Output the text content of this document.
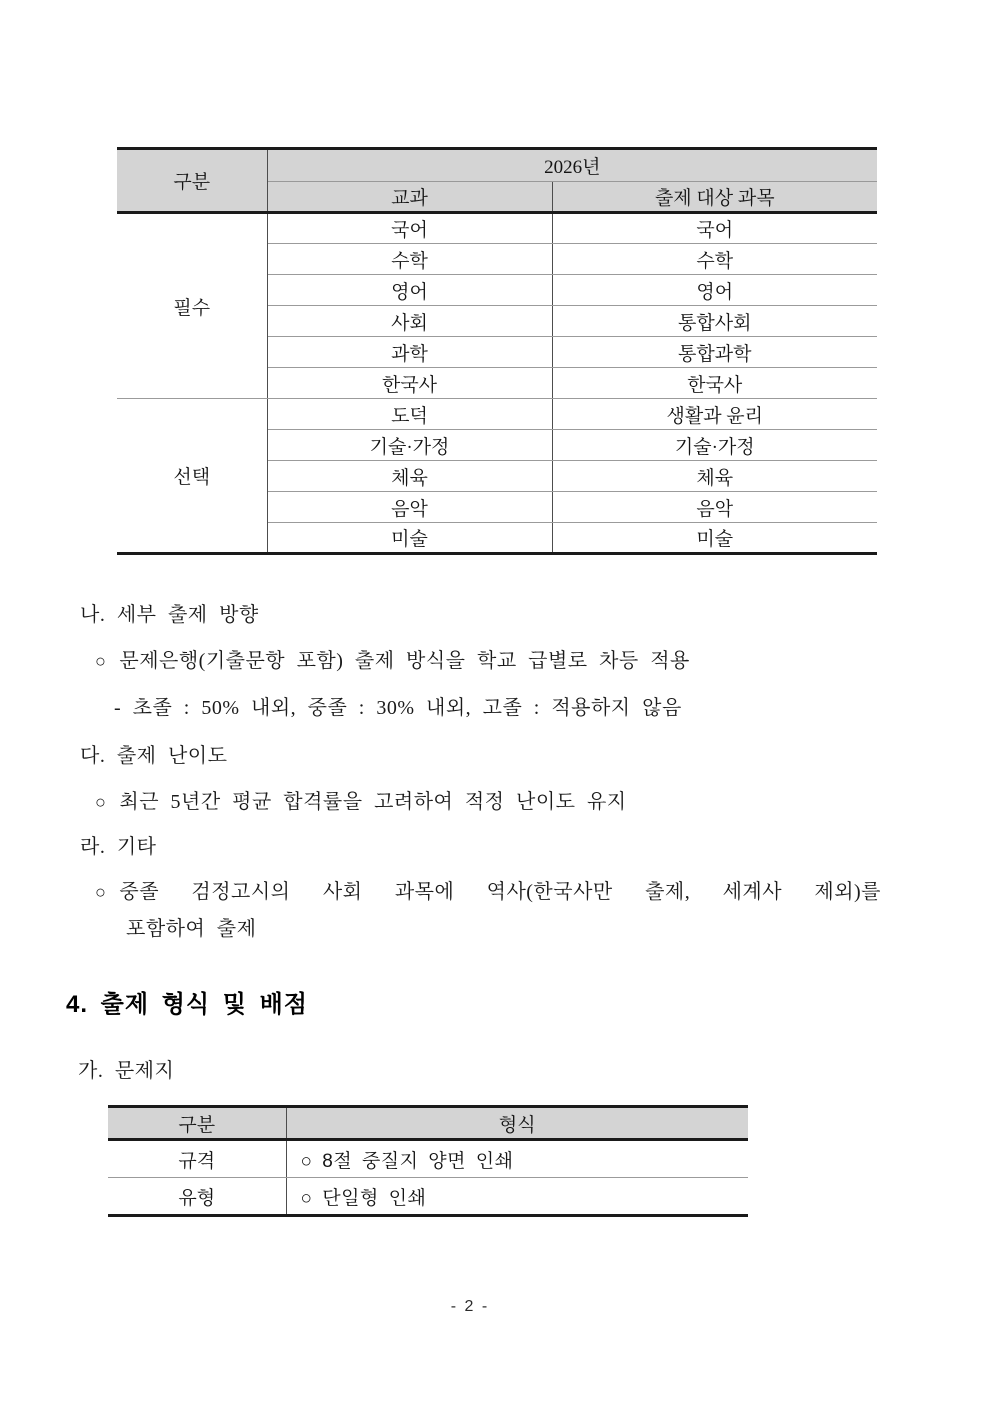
구분	2026년	
	교과	출제 대상 과목
필수	국어	국어
	수학	수학
	영어	영어
	사회	통합사회
	과학	통합과학
	한국사	한국사
선택	도덕	생활과 윤리
	기술·가정	기술·가정
	체육	체육
	음악	음악
	미술	미술
나. 세부 출제 방향
○ 문제은행(기출문항 포함) 출제 방식을 학교 급별로 차등 적용
- 초졸 : 50% 내외, 중졸 : 30% 내외, 고졸 : 적용하지 않음
다. 출제 난이도
○ 최근 5년간 평균 합격률을 고려하여 적정 난이도 유지
라. 기타
○ 중졸 검정고시의 사회 과목에 역사(한국사만 출제, 세계사 제외)를
포함하여 출제
4. 출제 형식 및 배점
가. 문제지
구분	형식
규격	○ 8절 중질지 양면 인쇄
유형	○ 단일형 인쇄
- 2 -
